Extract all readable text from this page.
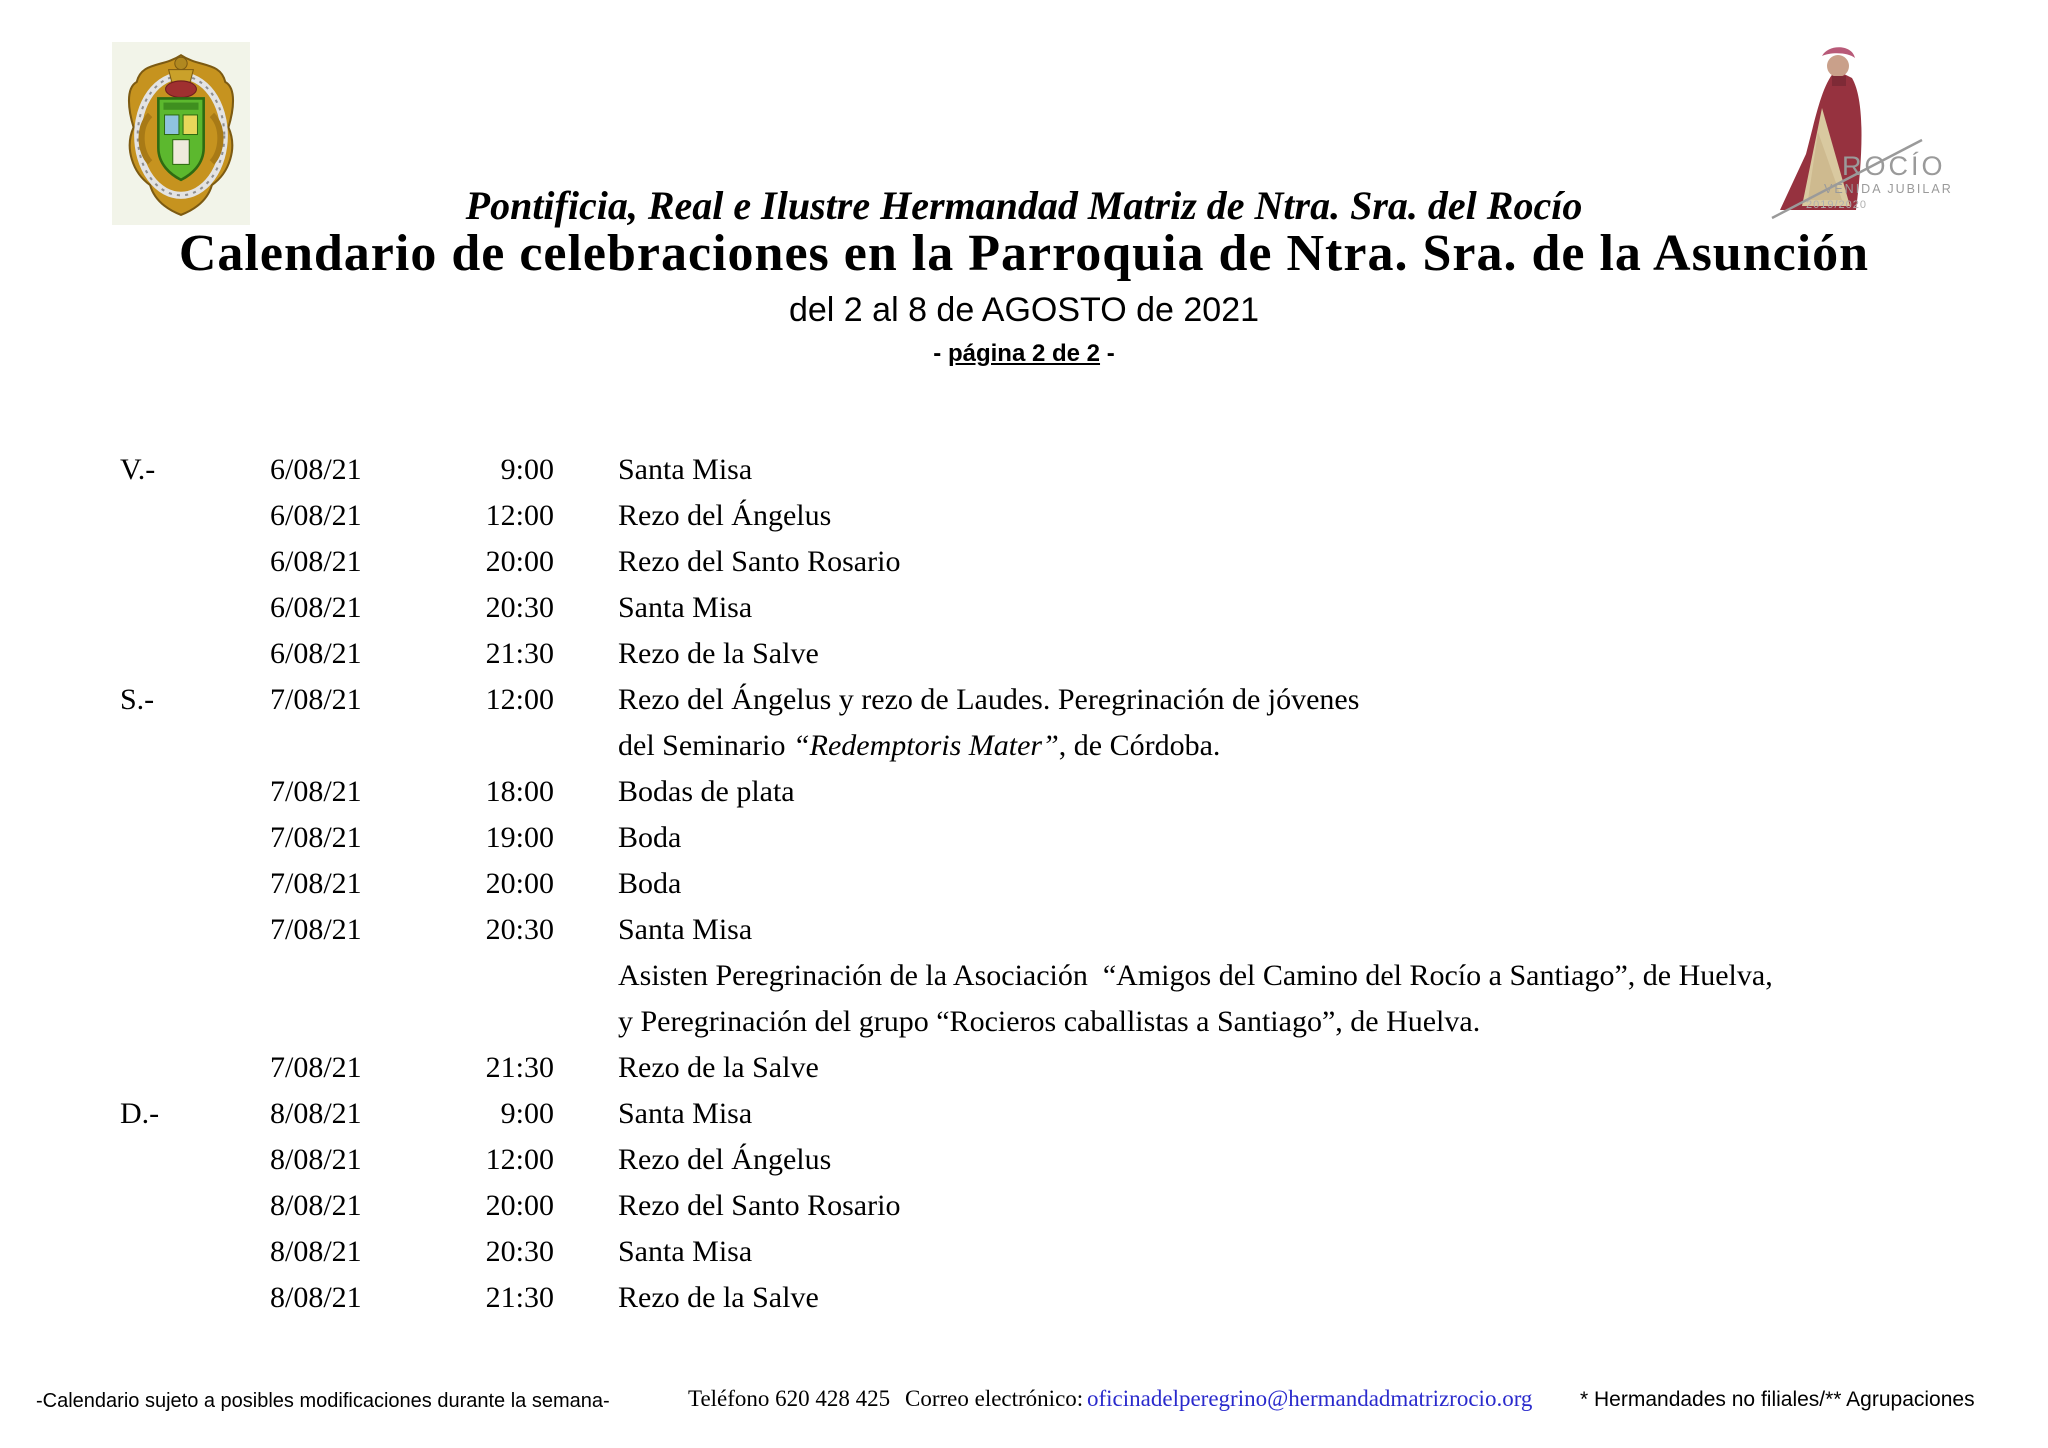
ROCÍO
VENIDA JUBILAR
2019/2020
Pontificia, Real e Ilustre Hermandad Matriz de Ntra. Sra. del Rocío
Calendario de celebraciones en la Parroquia de Ntra. Sra. de la Asunción
del 2 al 8 de AGOSTO de 2021
- página 2 de 2 -
V.-	6/08/21	9:00	Santa Misa
6/08/21	12:00	Rezo del Ángelus
6/08/21	20:00	Rezo del Santo Rosario
6/08/21	20:30	Santa Misa
6/08/21	21:30	Rezo de la Salve
S.-	7/08/21	12:00	Rezo del Ángelus y rezo de Laudes. Peregrinación de jóvenes
del Seminario “Redemptoris Mater”, de Córdoba.
7/08/21	18:00	Bodas de plata
7/08/21	19:00	Boda
7/08/21	20:00	Boda
7/08/21	20:30	Santa Misa
Asisten Peregrinación de la Asociación  “Amigos del Camino del Rocío a Santiago”, de Huelva,
y Peregrinación del grupo “Rocieros caballistas a Santiago”, de Huelva.
7/08/21	21:30	Rezo de la Salve
D.-	8/08/21	9:00	Santa Misa
8/08/21	12:00	Rezo del Ángelus
8/08/21	20:00	Rezo del Santo Rosario
8/08/21	20:30	Santa Misa
8/08/21	21:30	Rezo de la Salve
-Calendario sujeto a posibles modificaciones durante la semana-	Teléfono 620 428 425 Correo electrónico: oficinadelperegrino@hermandadmatrizrocio.org * Hermandades no filiales/** Agrupaciones
